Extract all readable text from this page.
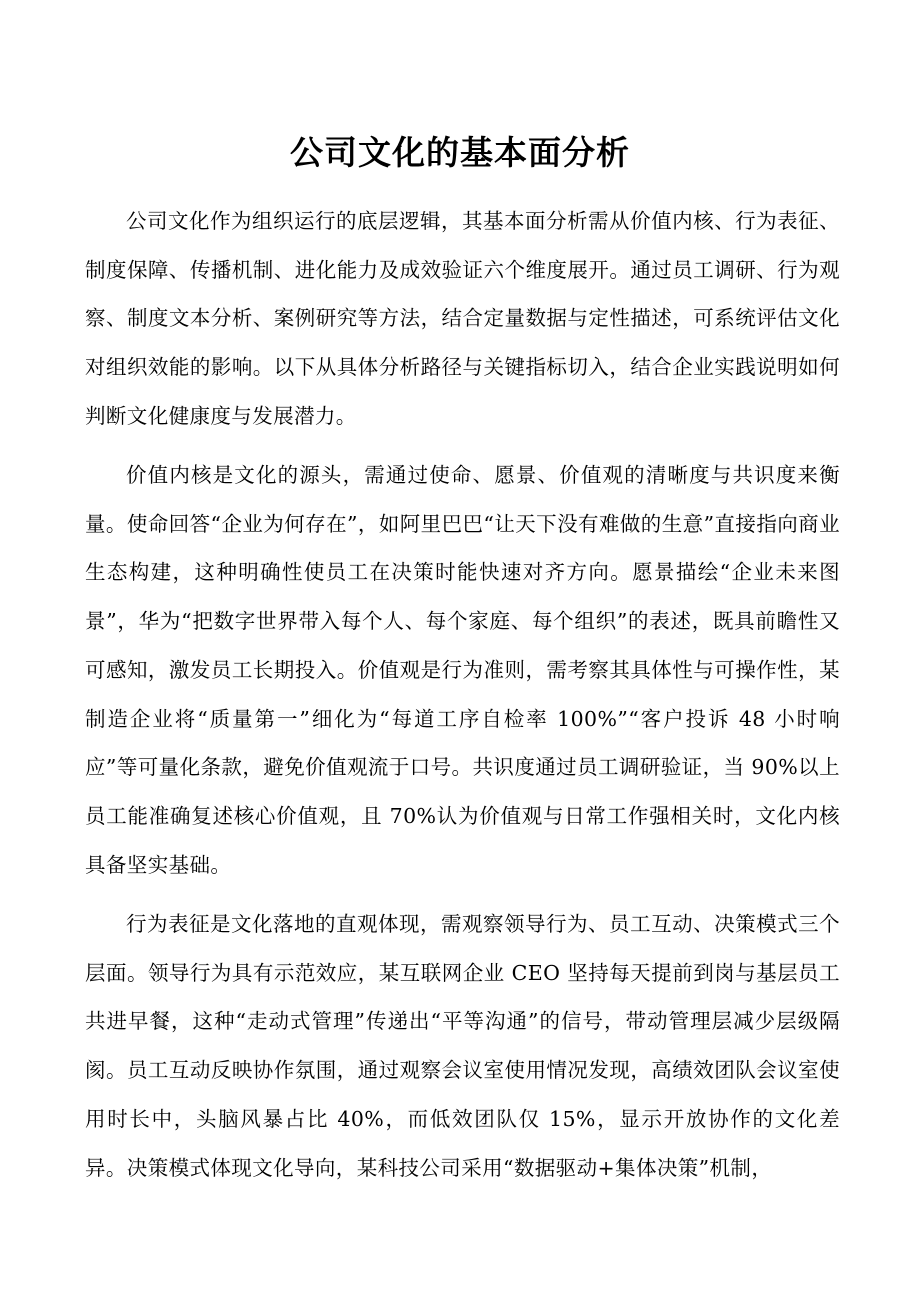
公司文化的基本面分析

公司文化作为组织运行的底层逻辑，其基本面分析需从价值内核、行为表征、制度保障、传播机制、进化能力及成效验证六个维度展开。通过员工调研、行为观察、制度文本分析、案例研究等方法，结合定量数据与定性描述，可系统评估文化对组织效能的影响。以下从具体分析路径与关键指标切入，结合企业实践说明如何判断文化健康度与发展潜力。

价值内核是文化的源头，需通过使命、愿景、价值观的清晰度与共识度来衡量。使命回答“企业为何存在”，如阿里巴巴“让天下没有难做的生意”直接指向商业生态构建，这种明确性使员工在决策时能快速对齐方向。愿景描绘“企业未来图景”，华为“把数字世界带入每个人、每个家庭、每个组织”的表述，既具前瞻性又可感知，激发员工长期投入。价值观是行为准则，需考察其具体性与可操作性，某制造企业将“质量第一”细化为“每道工序自检率 100%”“客户投诉 48 小时响应”等可量化条款，避免价值观流于口号。共识度通过员工调研验证，当 90%以上员工能准确复述核心价值观，且 70%认为价值观与日常工作强相关时，文化内核具备坚实基础。

行为表征是文化落地的直观体现，需观察领导行为、员工互动、决策模式三个层面。领导行为具有示范效应，某互联网企业 CEO 坚持每天提前到岗与基层员工共进早餐，这种“走动式管理”传递出“平等沟通”的信号，带动管理层减少层级隔阂。员工互动反映协作氛围，通过观察会议室使用情况发现，高绩效团队会议室使用时长中，头脑风暴占比 40%，而低效团队仅 15%，显示开放协作的文化差异。决策模式体现文化导向，某科技公司采用“数据驱动+集体决策”机制，
